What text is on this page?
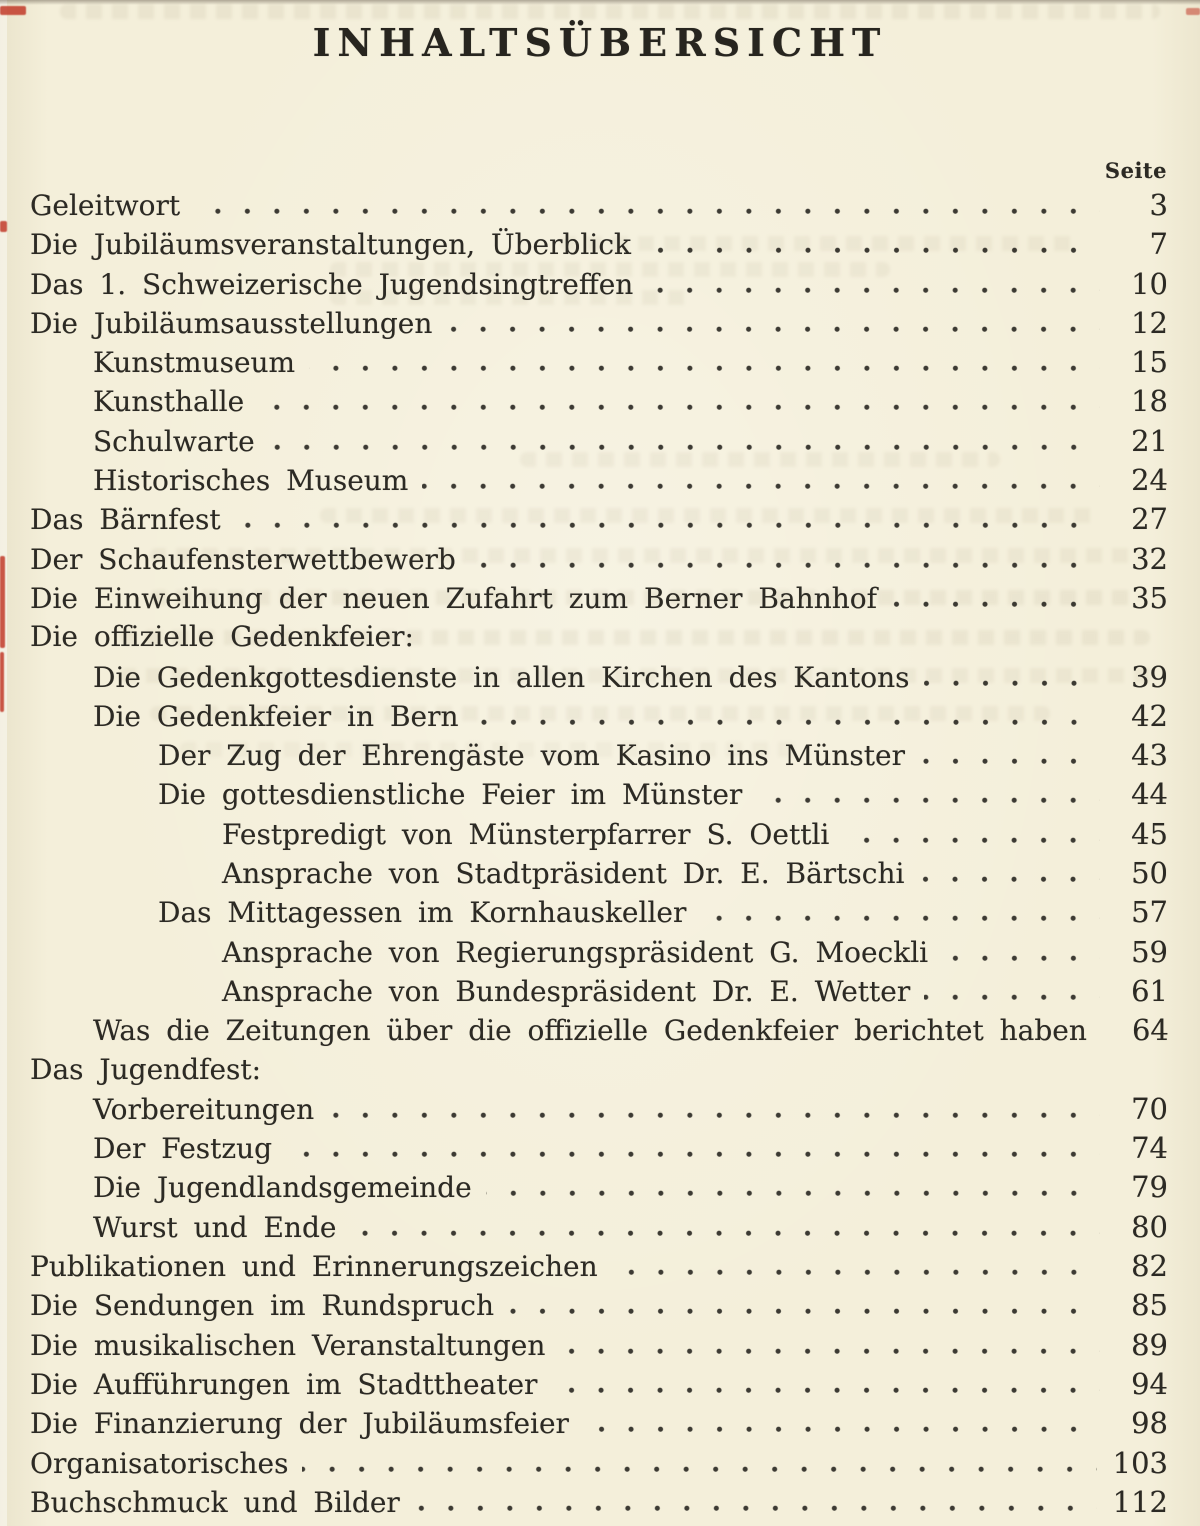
INHALTSÜBERSICHT
Seite
Geleitwort	3
Die Jubiläumsveranstaltungen, Überblick	7
Das 1. Schweizerische Jugendsingtreffen	10
Die Jubiläumsausstellungen	12
Kunstmuseum	15
Kunsthalle	18
Schulwarte	21
Historisches Museum	24
Das Bärnfest	27
Der Schaufensterwettbewerb	32
Die Einweihung der neuen Zufahrt zum Berner Bahnhof	35
Die offizielle Gedenkfeier:
Die Gedenkgottesdienste in allen Kirchen des Kantons	39
Die Gedenkfeier in Bern	42
Der Zug der Ehrengäste vom Kasino ins Münster	43
Die gottesdienstliche Feier im Münster	44
Festpredigt von Münsterpfarrer S. Oettli	45
Ansprache von Stadtpräsident Dr. E. Bärtschi	50
Das Mittagessen im Kornhauskeller	57
Ansprache von Regierungspräsident G. Moeckli	59
Ansprache von Bundespräsident Dr. E. Wetter	61
Was die Zeitungen über die offizielle Gedenkfeier berichtet haben	64
Das Jugendfest:
Vorbereitungen	70
Der Festzug	74
Die Jugendlandsgemeinde	79
Wurst und Ende	80
Publikationen und Erinnerungszeichen	82
Die Sendungen im Rundspruch	85
Die musikalischen Veranstaltungen	89
Die Aufführungen im Stadttheater	94
Die Finanzierung der Jubiläumsfeier	98
Organisatorisches	103
Buchschmuck und Bilder	112
